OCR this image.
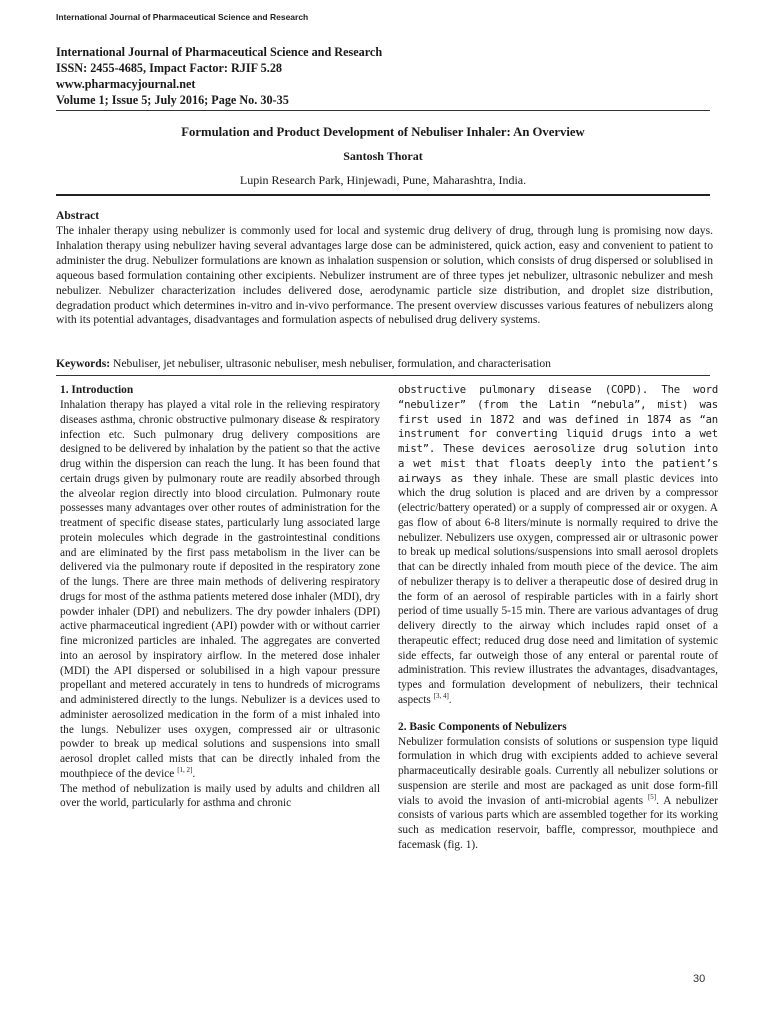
International Journal of Pharmaceutical Science and Research
International Journal of Pharmaceutical Science and Research
ISSN: 2455-4685, Impact Factor: RJIF 5.28
www.pharmacyjournal.net
Volume 1; Issue 5; July 2016; Page No. 30-35
Formulation and Product Development of Nebuliser Inhaler: An Overview
Santosh Thorat
Lupin Research Park, Hinjewadi, Pune, Maharashtra, India.
Abstract

The inhaler therapy using nebulizer is commonly used for local and systemic drug delivery of drug, through lung is promising now days. Inhalation therapy using nebulizer having several advantages large dose can be administered, quick action, easy and convenient to patient to administer the drug. Nebulizer formulations are known as inhalation suspension or solution, which consists of drug dispersed or solublised in aqueous based formulation containing other excipients. Nebulizer instrument are of three types jet nebulizer, ultrasonic nebulizer and mesh nebulizer. Nebulizer characterization includes delivered dose, aerodynamic particle size distribution, and droplet size distribution, degradation product which determines in-vitro and in-vivo performance. The present overview discusses various features of nebulizers along with its potential advantages, disadvantages and formulation aspects of nebulised drug delivery systems.

Keywords: Nebuliser, jet nebuliser, ultrasonic nebuliser, mesh nebuliser, formulation, and characterisation
1. Introduction

Inhalation therapy has played a vital role in the relieving respiratory diseases asthma, chronic obstructive pulmonary disease & respiratory infection etc. Such pulmonary drug delivery compositions are designed to be delivered by inhalation by the patient so that the active drug within the dispersion can reach the lung. It has been found that certain drugs given by pulmonary route are readily absorbed through the alveolar region directly into blood circulation. Pulmonary route possesses many advantages over other routes of administration for the treatment of specific disease states, particularly lung associated large protein molecules which degrade in the gastrointestinal conditions and are eliminated by the first pass metabolism in the liver can be delivered via the pulmonary route if deposited in the respiratory zone of the lungs. There are three main methods of delivering respiratory drugs for most of the asthma patients metered dose inhaler (MDI), dry powder inhaler (DPI) and nebulizers. The dry powder inhalers (DPI) active pharmaceutical ingredient (API) powder with or without carrier fine micronized particles are inhaled. The aggregates are converted into an aerosol by inspiratory airflow. In the metered dose inhaler (MDI) the API dispersed or solubilised in a high vapour pressure propellant and metered accurately in tens to hundreds of micrograms and administered directly to the lungs. Nebulizer is a devices used to administer aerosolized medication in the form of a mist inhaled into the lungs. Nebulizer uses oxygen, compressed air or ultrasonic powder to break up medical solutions and suspensions into small aerosol droplet called mists that can be directly inhaled from the mouthpiece of the device [1, 2].

The method of nebulization is maily used by adults and children all over the world, particularly for asthma and chronic

obstructive pulmonary disease (COPD). The word “nebulizer” (from the Latin “nebula”, mist) was first used in 1872 and was defined in 1874 as “an instrument for converting liquid drugs into a wet mist”. These devices aerosolize drug solution into a wet mist that floats deeply into the patient’s airways as they inhale. These are small plastic devices into which the drug solution is placed and are driven by a compressor (electric/battery operated) or a supply of compressed air or oxygen. A gas flow of about 6-8 liters/minute is normally required to drive the nebulizer. Nebulizers use oxygen, compressed air or ultrasonic power to break up medical solutions/suspensions into small aerosol droplets that can be directly inhaled from mouth piece of the device. The aim of nebulizer therapy is to deliver a therapeutic dose of desired drug in the form of an aerosol of respirable particles with in a fairly short period of time usually 5-15 min. There are various advantages of drug delivery directly to the airway which includes rapid onset of a therapeutic effect; reduced drug dose need and limitation of systemic side effects, far outweigh those of any enteral or parental route of administration. This review illustrates the advantages, disadvantages, types and formulation development of nebulizers, their technical aspects [3, 4].

2. Basic Components of Nebulizers

Nebulizer formulation consists of solutions or suspension type liquid formulation in which drug with excipients added to achieve several pharmaceutically desirable goals. Currently all nebulizer solutions or suspension are sterile and most are packaged as unit dose form-fill vials to avoid the invasion of anti-microbial agents [5]. A nebulizer consists of various parts which are assembled together for its working such as medication reservoir, baffle, compressor, mouthpiece and facemask (fig. 1).

30
